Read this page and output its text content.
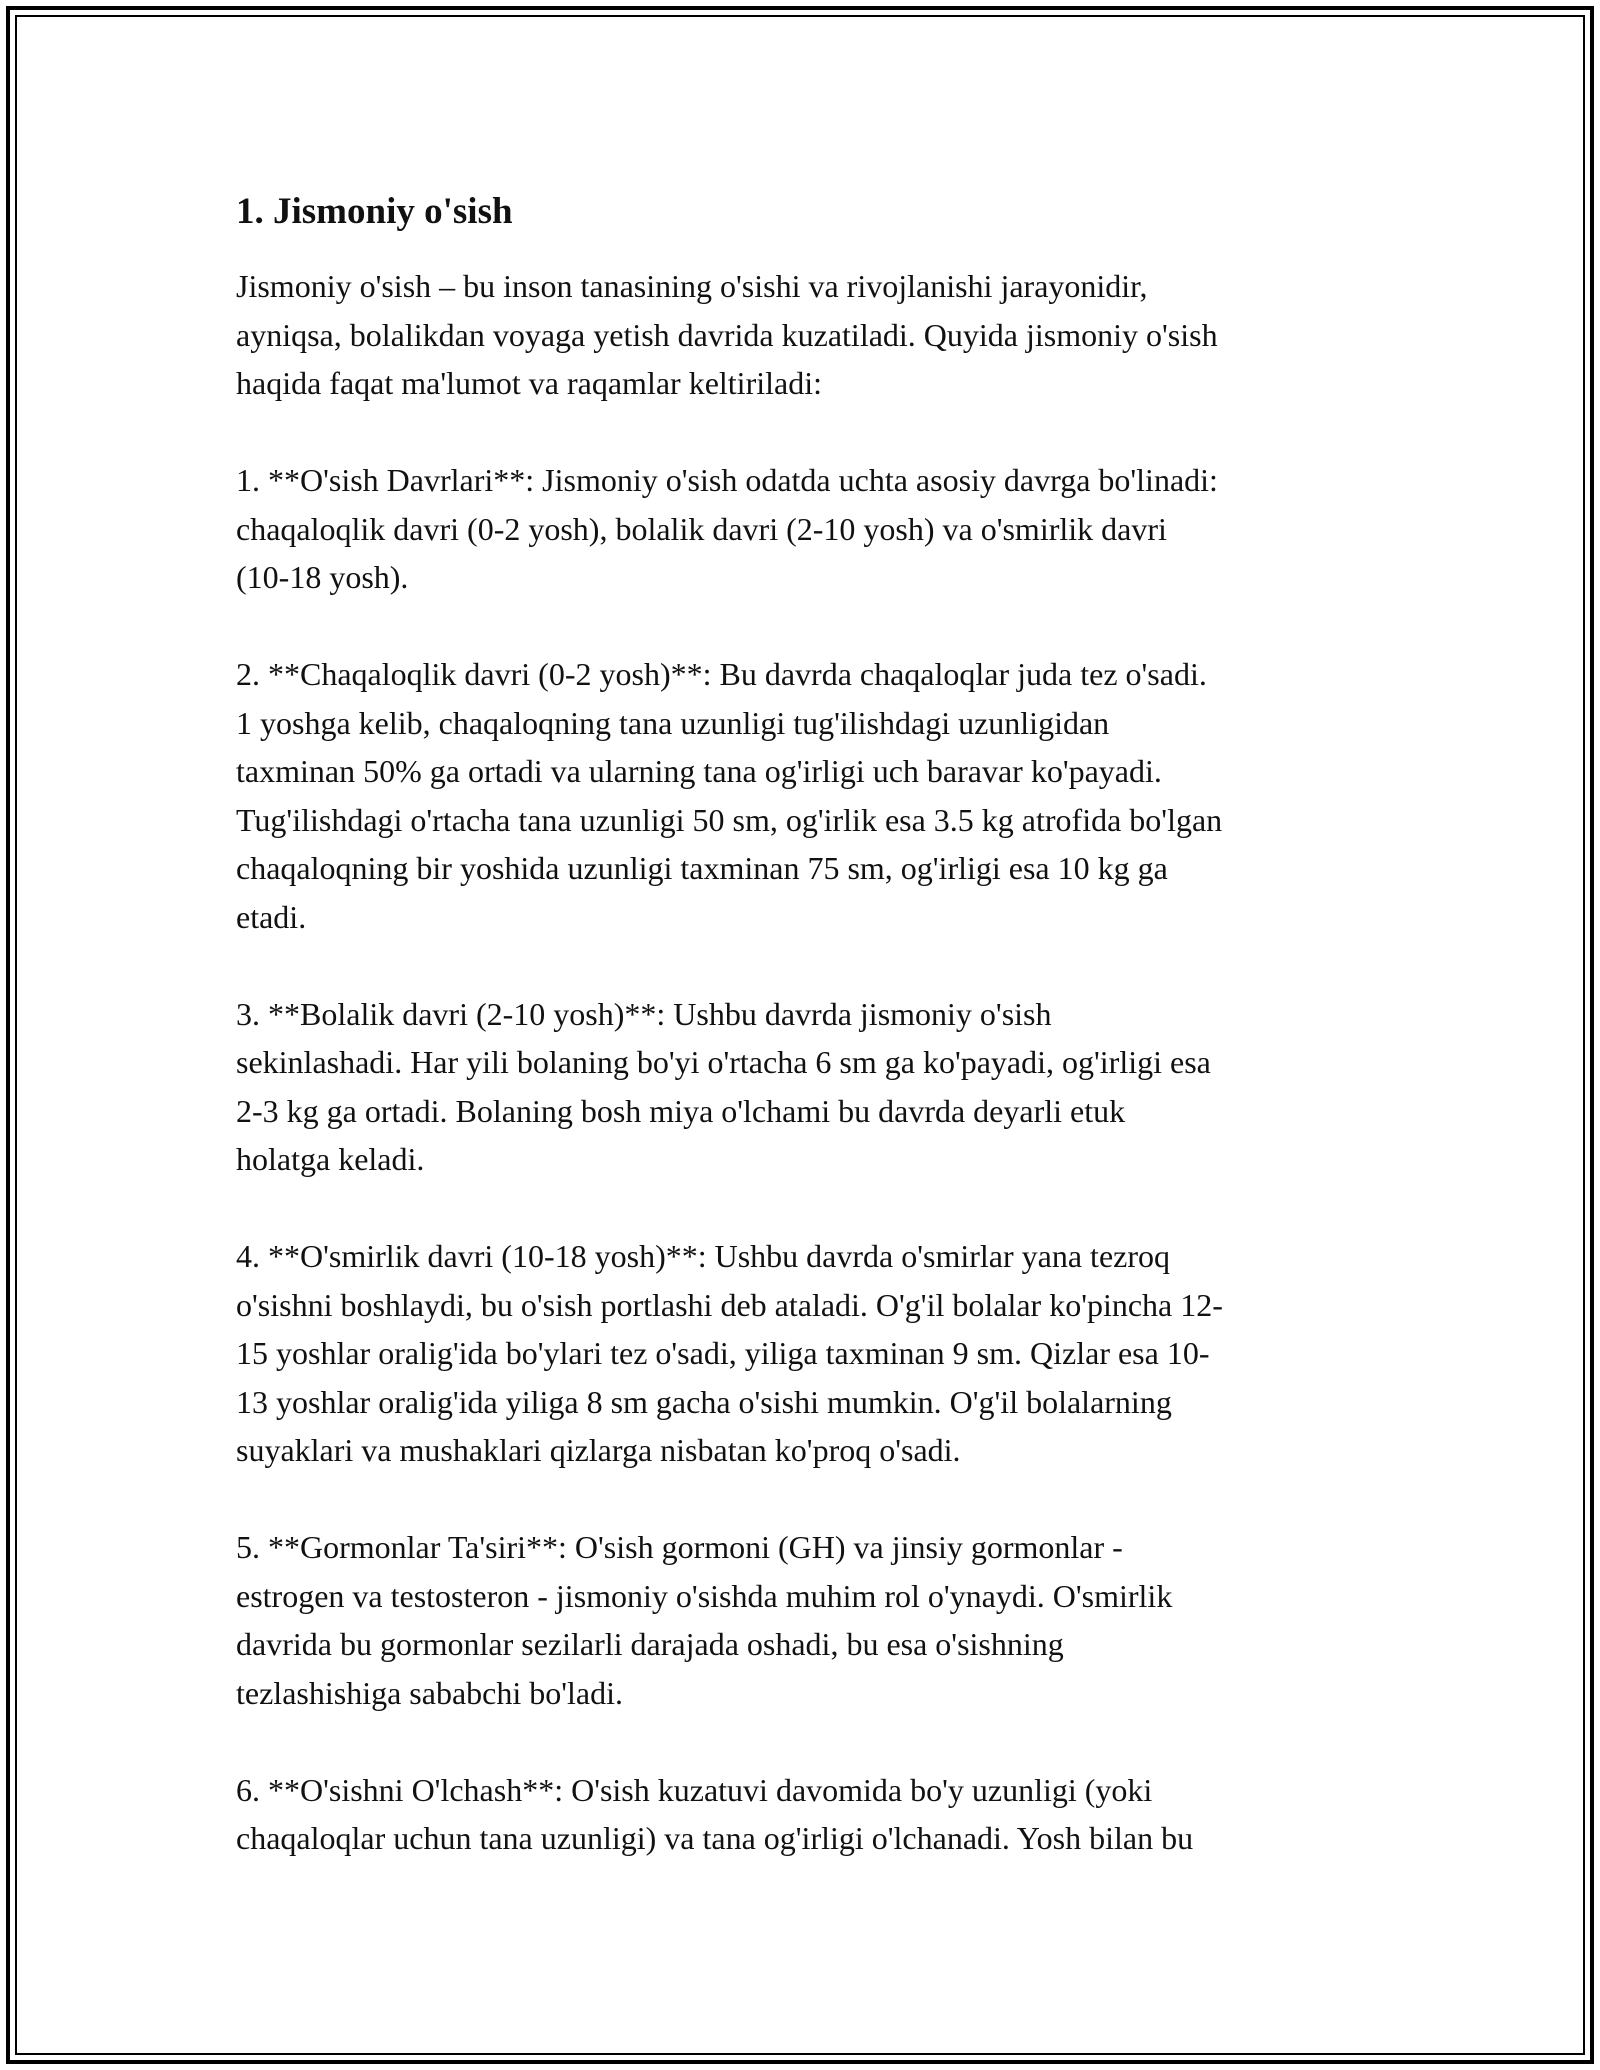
1. Jismoniy o'sish

Jismoniy o'sish – bu inson tanasining o'sishi va rivojlanishi jarayonidir,
ayniqsa, bolalikdan voyaga yetish davrida kuzatiladi. Quyida jismoniy o'sish
haqida faqat ma'lumot va raqamlar keltiriladi:

1. **O'sish Davrlari**: Jismoniy o'sish odatda uchta asosiy davrga bo'linadi:
chaqaloqlik davri (0-2 yosh), bolalik davri (2-10 yosh) va o'smirlik davri
(10-18 yosh).

2. **Chaqaloqlik davri (0-2 yosh)**: Bu davrda chaqaloqlar juda tez o'sadi.
1 yoshga kelib, chaqaloqning tana uzunligi tug'ilishdagi uzunligidan
taxminan 50% ga ortadi va ularning tana og'irligi uch baravar ko'payadi.
Tug'ilishdagi o'rtacha tana uzunligi 50 sm, og'irlik esa 3.5 kg atrofida bo'lgan
chaqaloqning bir yoshida uzunligi taxminan 75 sm, og'irligi esa 10 kg ga
etadi.

3. **Bolalik davri (2-10 yosh)**: Ushbu davrda jismoniy o'sish
sekinlashadi. Har yili bolaning bo'yi o'rtacha 6 sm ga ko'payadi, og'irligi esa
2-3 kg ga ortadi. Bolaning bosh miya o'lchami bu davrda deyarli etuk
holatga keladi.

4. **O'smirlik davri (10-18 yosh)**: Ushbu davrda o'smirlar yana tezroq
o'sishni boshlaydi, bu o'sish portlashi deb ataladi. O'g'il bolalar ko'pincha 12-
15 yoshlar oralig'ida bo'ylari tez o'sadi, yiliga taxminan 9 sm. Qizlar esa 10-
13 yoshlar oralig'ida yiliga 8 sm gacha o'sishi mumkin. O'g'il bolalarning
suyaklari va mushaklari qizlarga nisbatan ko'proq o'sadi.

5. **Gormonlar Ta'siri**: O'sish gormoni (GH) va jinsiy gormonlar -
estrogen va testosteron - jismoniy o'sishda muhim rol o'ynaydi. O'smirlik
davrida bu gormonlar sezilarli darajada oshadi, bu esa o'sishning
tezlashishiga sababchi bo'ladi.

6. **O'sishni O'lchash**: O'sish kuzatuvi davomida bo'y uzunligi (yoki
chaqaloqlar uchun tana uzunligi) va tana og'irligi o'lchanadi. Yosh bilan bu
